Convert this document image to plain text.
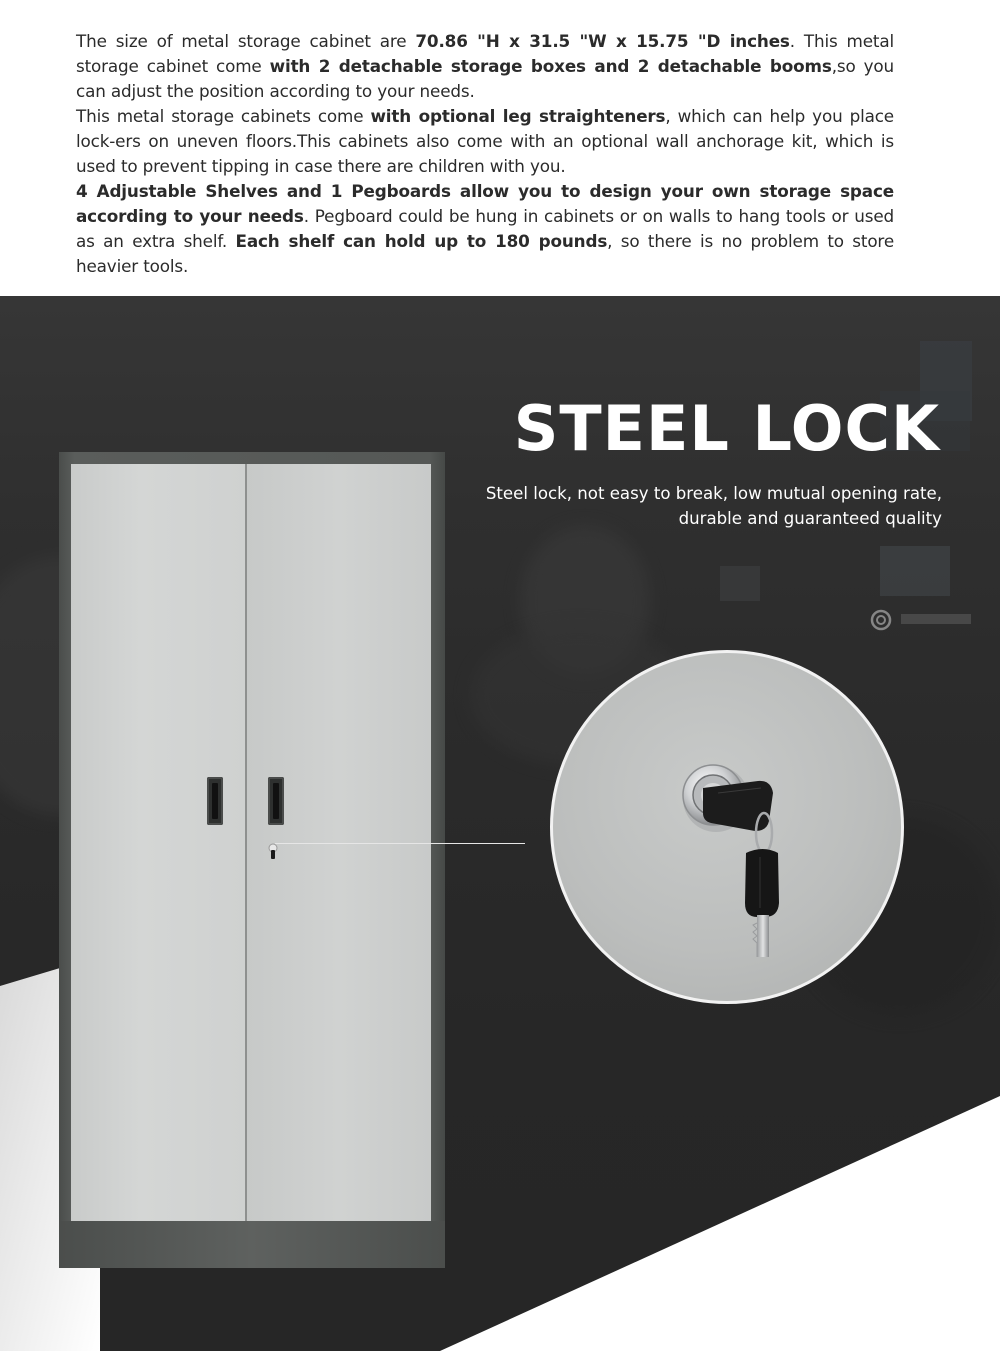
The size of metal storage cabinet are 70.86 "H x 31.5 "W x 15.75 "D inches. This metal storage cabinet come with 2 detachable storage boxes and 2 detachable booms,so you can adjust the position according to your needs.

This metal storage cabinets come with optional leg straighteners, which can help you place lock-ers on uneven floors.This cabinets also come with an optional wall anchorage kit, which is used to prevent tipping in case there are children with you.

4 Adjustable Shelves and 1 Pegboards allow you to design your own storage space according to your needs. Pegboard could be hung in cabinets or on walls to hang tools or used as an extra shelf. Each shelf can hold up to 180 pounds, so there is no problem to store heavier tools.

STEEL LOCK
Steel lock, not easy to break, low mutual opening rate,
durable and guaranteed quality
